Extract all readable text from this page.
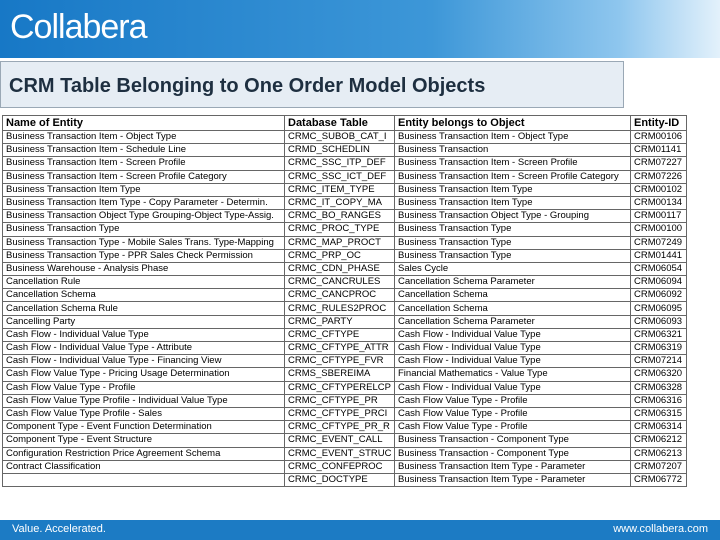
Collabera
CRM Table Belonging to One Order Model Objects
Name of Entity	Database Table	Entity belongs to Object	Entity-ID
Business Transaction Item - Object Type	CRMC_SUBOB_CAT_I	Business Transaction Item - Object Type	CRM00106
Business Transaction Item - Schedule Line	CRMD_SCHEDLIN	Business Transaction	CRM01141
Business Transaction Item - Screen Profile	CRMC_SSC_ITP_DEF	Business Transaction Item - Screen Profile	CRM07227
Business Transaction Item - Screen Profile Category	CRMC_SSC_ICT_DEF	Business Transaction Item - Screen Profile Category	CRM07226
Business Transaction Item Type	CRMC_ITEM_TYPE	Business Transaction Item Type	CRM00102
Business Transaction Item Type - Copy Parameter - Determin.	CRMC_IT_COPY_MA	Business Transaction Item Type	CRM00134
Business Transaction Object Type Grouping-Object Type-Assig.	CRMC_BO_RANGES	Business Transaction Object Type - Grouping	CRM00117
Business Transaction Type	CRMC_PROC_TYPE	Business Transaction Type	CRM00100
Business Transaction Type - Mobile Sales Trans. Type-Mapping	CRMC_MAP_PROCT	Business Transaction Type	CRM07249
Business Transaction Type - PPR Sales Check Permission	CRMC_PRP_OC	Business Transaction Type	CRM01441
Business Warehouse - Analysis Phase	CRMC_CDN_PHASE	Sales Cycle	CRM06054
Cancellation Rule	CRMC_CANCRULES	Cancellation Schema Parameter	CRM06094
Cancellation Schema	CRMC_CANCPROC	Cancellation Schema	CRM06092
Cancellation Schema Rule	CRMC_RULES2PROC	Cancellation Schema	CRM06095
Cancelling Party	CRMC_PARTY	Cancellation Schema Parameter	CRM06093
Cash Flow - Individual Value Type	CRMC_CFTYPE	Cash Flow - Individual Value Type	CRM06321
Cash Flow - Individual Value Type - Attribute	CRMC_CFTYPE_ATTR	Cash Flow - Individual Value Type	CRM06319
Cash Flow - Individual Value Type - Financing View	CRMC_CFTYPE_FVR	Cash Flow - Individual Value Type	CRM07214
Cash Flow Value Type - Pricing Usage Determination	CRMS_SBEREIMA	Financial Mathematics - Value Type	CRM06320
Cash Flow Value Type - Profile	CRMC_CFTYPERELCP	Cash Flow - Individual Value Type	CRM06328
Cash Flow Value Type Profile - Individual Value Type	CRMC_CFTYPE_PR	Cash Flow Value Type - Profile	CRM06316
Cash Flow Value Type Profile - Sales	CRMC_CFTYPE_PRCI	Cash Flow Value Type - Profile	CRM06315
Component Type - Event Function Determination	CRMC_CFTYPE_PR_R	Cash Flow Value Type - Profile	CRM06314
Component Type - Event Structure	CRMC_EVENT_CALL	Business Transaction - Component Type	CRM06212
Configuration Restriction Price Agreement Schema	CRMC_EVENT_STRUC	Business Transaction - Component Type	CRM06213
Contract Classification	CRMC_CONFEPROC	Business Transaction Item Type - Parameter	CRM07207
	CRMC_DOCTYPE	Business Transaction Item Type - Parameter	CRM06772
Value. Accelerated.	www.collabera.com
